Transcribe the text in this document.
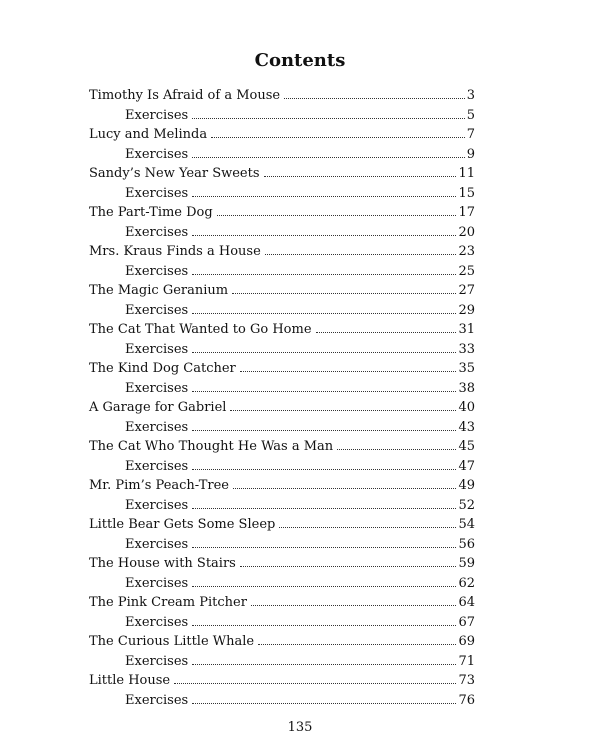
Contents
Timothy Is Afraid of a Mouse	3
Exercises	5
Lucy and Melinda	7
Exercises	9
Sandy’s New Year Sweets	11
Exercises	15
The Part-Time Dog	17
Exercises	20
Mrs. Kraus Finds a House	23
Exercises	25
The Magic Geranium	27
Exercises	29
The Cat That Wanted to Go Home	31
Exercises	33
The Kind Dog Catcher	35
Exercises	38
A Garage for Gabriel	40
Exercises	43
The Cat Who Thought He Was a Man	45
Exercises	47
Mr. Pim’s Peach-Tree	49
Exercises	52
Little Bear Gets Some Sleep	54
Exercises	56
The House with Stairs	59
Exercises	62
The Pink Cream Pitcher	64
Exercises	67
The Curious Little Whale	69
Exercises	71
Little House	73
Exercises	76
135
